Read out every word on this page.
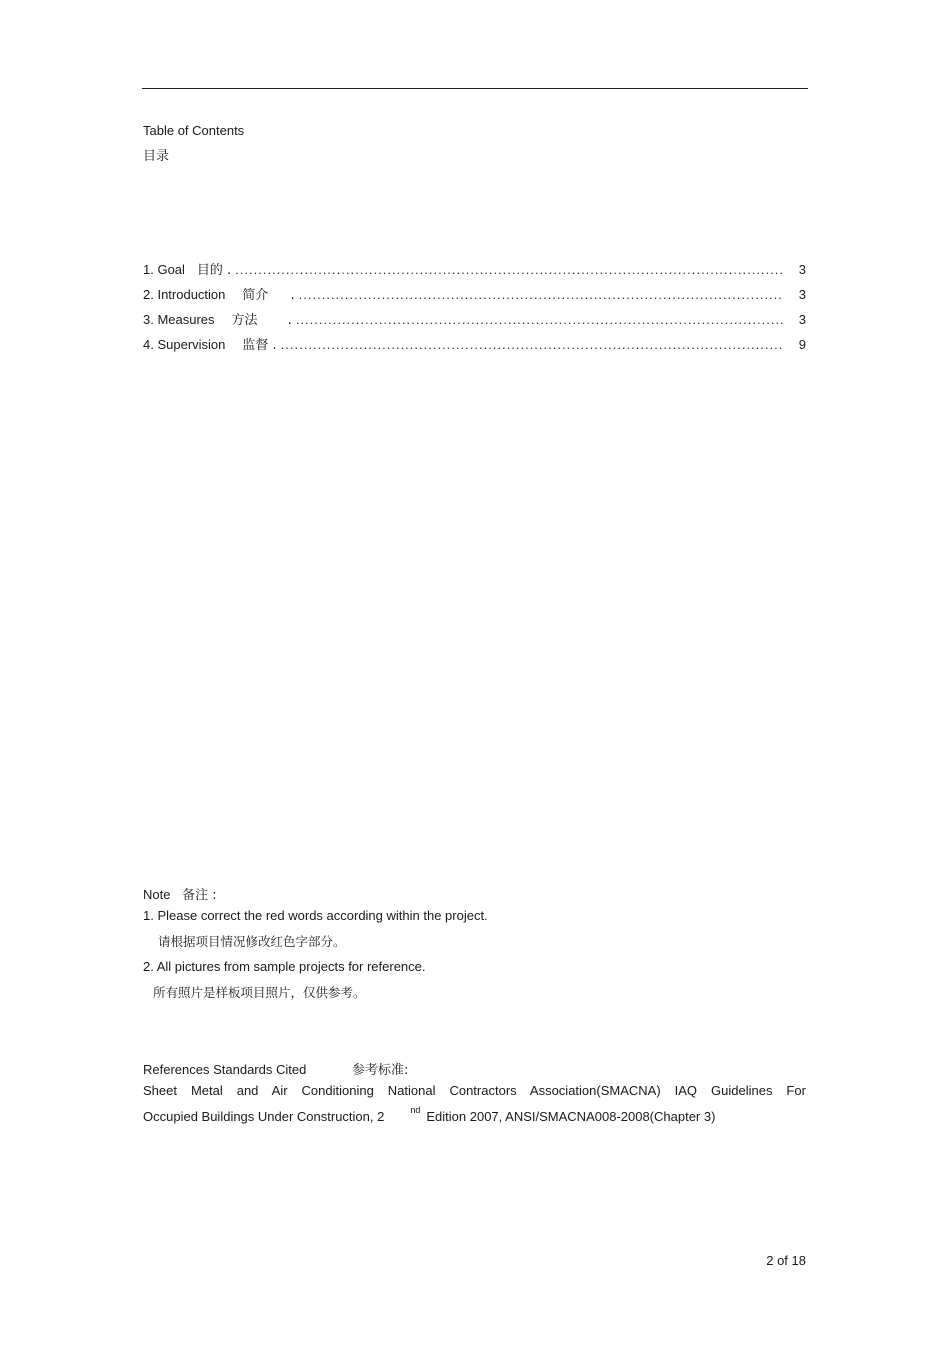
Table of Contents
目录
1. Goal 目的 . .....	3
2. Introduction 简介 . .....	3
3. Measures 方法 . .....	3
4. Supervision 监督 . .....	9
Note 备注 :
1. Please correct the red words according within the project.
请根据项目情况修改红色字部分。
2. All pictures from sample projects for reference.
所有照片是样板项目照片，仅供参考。
References Standards Cited	参考标准:
Sheet Metal and Air Conditioning National Contractors Association(SMACNA) IAQ Guidelines For
Occupied Buildings Under Construction, 2	$^{nd}$ Edition 2007, ANSI/SMACNA008-2008(Chapter 3)
2 of 18
